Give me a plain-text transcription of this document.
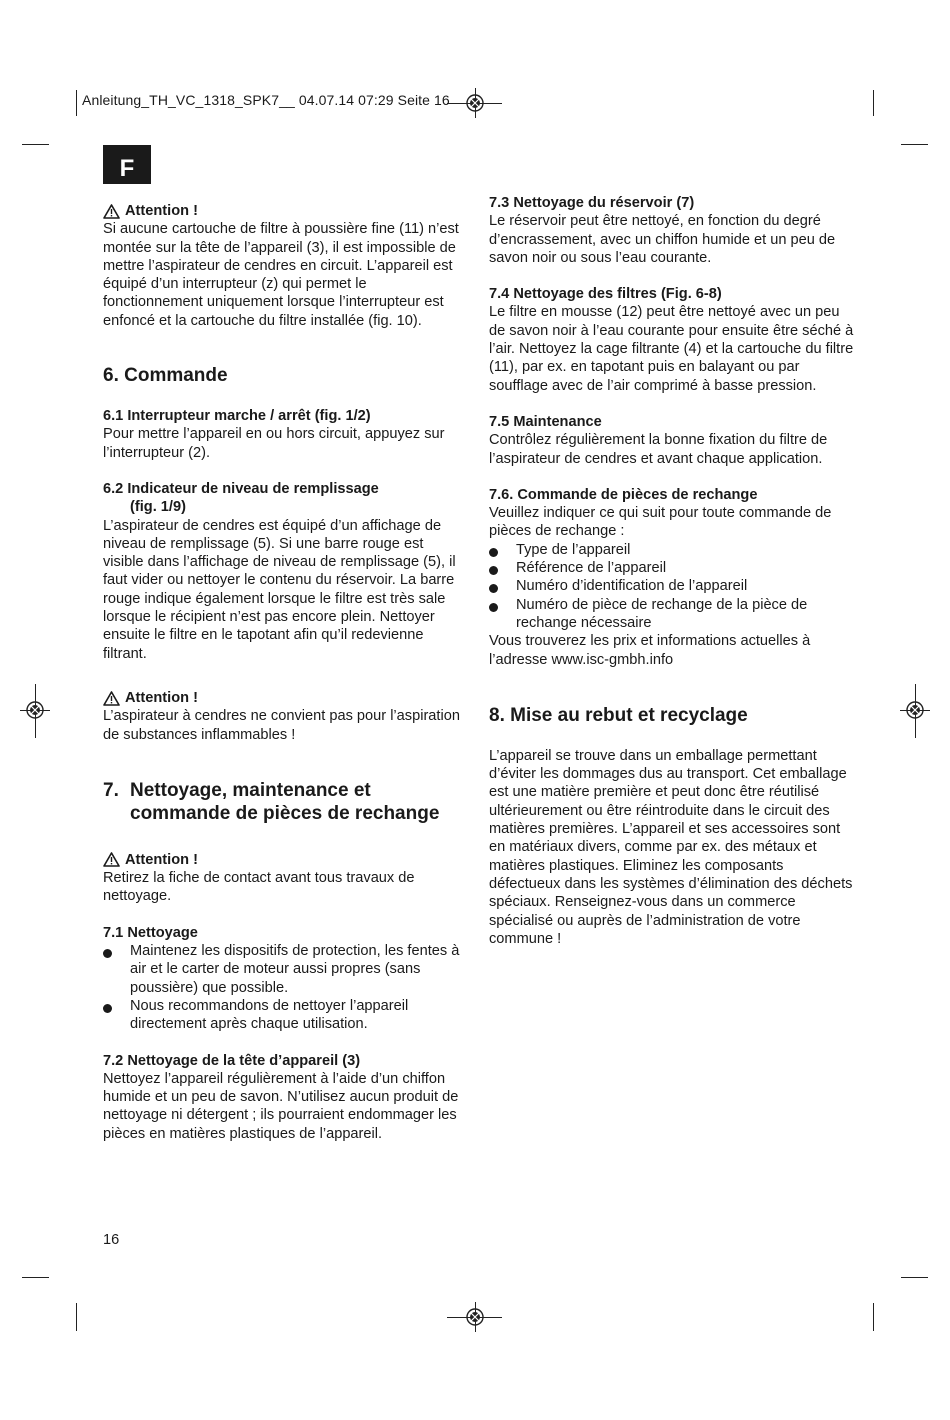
Anleitung_TH_VC_1318_SPK7__ 04.07.14 07:29 Seite 16
F
Attention !

Si aucune cartouche de filtre à poussière fine (11) n’est montée sur la tête de l’appareil (3), il est impossible de mettre l’aspirateur de cendres en circuit. L’appareil est équipé d’un interrupteur (z) qui permet le fonctionnement uniquement lorsque l’interrupteur est enfoncé et la cartouche du filtre installée (fig. 10).

6. Commande

6.1 Interrupteur marche / arrêt (fig. 1/2)

Pour mettre l’appareil en ou hors circuit, appuyez sur l’interrupteur (2).

6.2 Indicateur de niveau de remplissage

(fig. 1/9)

L’aspirateur de cendres est équipé d’un affichage de niveau de remplissage (5). Si une barre rouge est visible dans l’affichage de niveau de remplissage (5), il faut vider ou nettoyer le contenu du réservoir. La barre rouge indique également lorsque le filtre est très sale lorsque le récipient n’est pas encore plein. Nettoyer ensuite le filtre en le tapotant afin qu’il redevienne filtrant.

Attention !

L’aspirateur à cendres ne convient pas pour l’aspiration de substances inflammables !

7. Nettoyage, maintenance et commande de pièces de rechange
Attention !

Retirez la fiche de contact avant tous travaux de nettoyage.

7.1 Nettoyage

Maintenez les dispositifs de protection, les fentes à air et le carter de moteur aussi propres (sans poussière) que possible.
Nous recommandons de nettoyer l’appareil directement après chaque utilisation.

7.2 Nettoyage de la tête d’appareil (3)

Nettoyez l’appareil régulièrement à l’aide d’un chiffon humide et un peu de savon. N’utilisez aucun produit de nettoyage ni détergent ; ils pourraient endommager les pièces en matières plastiques de l’appareil.

7.3 Nettoyage du réservoir (7)

Le réservoir peut être nettoyé, en fonction du degré d’encrassement, avec un chiffon humide et un peu de savon noir ou sous l’eau courante.

7.4 Nettoyage des filtres (Fig. 6-8)

Le filtre en mousse (12) peut être nettoyé avec un peu de savon noir à l’eau courante pour ensuite être séché à l’air. Nettoyez la cage filtrante (4) et la cartouche du filtre (11), par ex. en tapotant puis en balayant ou par soufflage avec de l’air comprimé à basse pression.

7.5 Maintenance

Contrôlez régulièrement la bonne fixation du filtre de l’aspirateur de cendres et avant chaque application.

7.6. Commande de pièces de rechange

Veuillez indiquer ce qui suit pour toute commande de pièces de rechange :

Type de l’appareil
Référence de l’appareil
Numéro d’identification de l’appareil
Numéro de pièce de rechange de la pièce de rechange nécessaire

Vous trouverez les prix et informations actuelles à l’adresse www.isc-gmbh.info

8. Mise au rebut et recyclage

L’appareil se trouve dans un emballage permettant d’éviter les dommages dus au transport. Cet emballage est une matière première et peut donc être réutilisé ultérieurement ou être réintroduite dans le circuit des matières premières. L’appareil et ses accessoires sont en matériaux divers, comme par ex. des métaux et matières plastiques. Eliminez les composants défectueux dans les systèmes d’élimination des déchets spéciaux. Renseignez-vous dans un commerce spécialisé ou auprès de l’administration de votre commune !

16
